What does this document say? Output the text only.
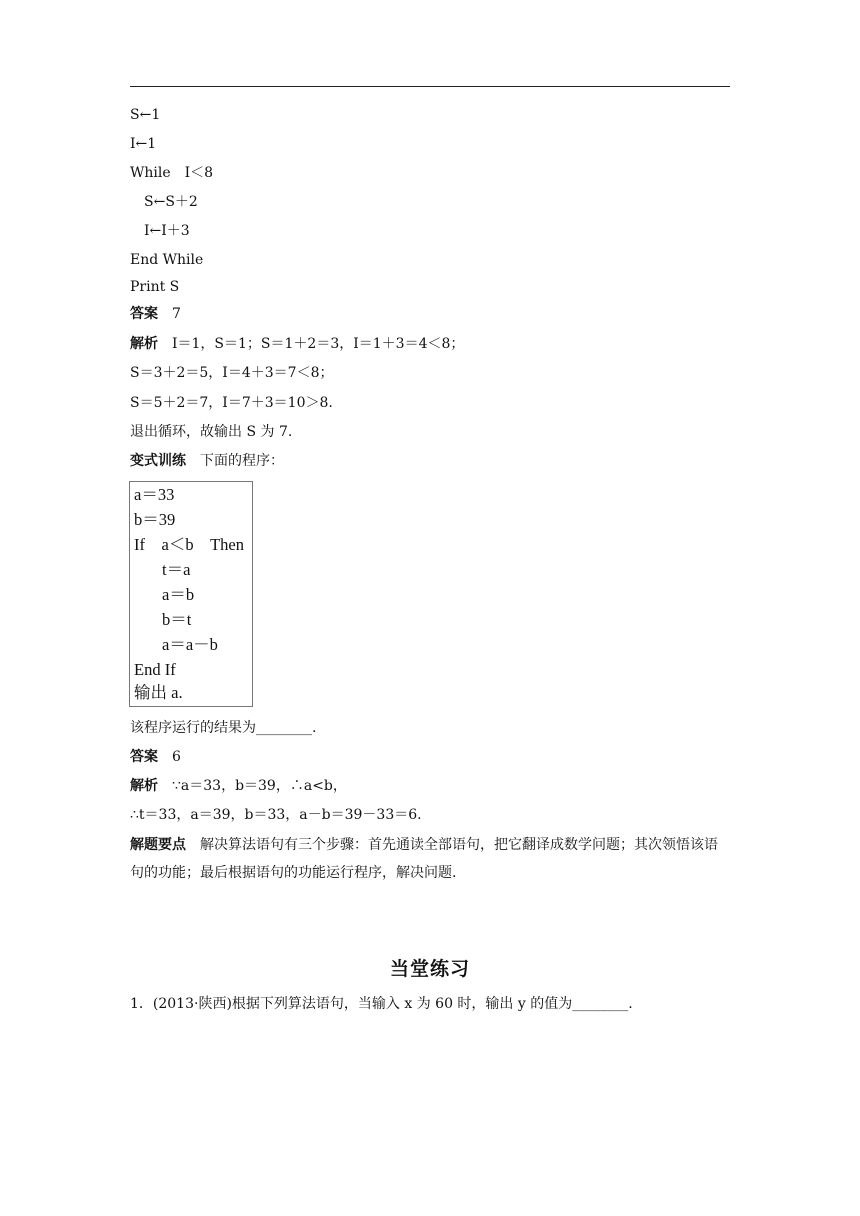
S←1
I←1
While　I＜8
S←S＋2
I←I＋3
End While
Print S
答案 7
解析 I＝1，S＝1；S＝1＋2＝3，I＝1＋3＝4＜8；
S＝3＋2＝5，I＝4＋3＝7＜8；
S＝5＋2＝7，I＝7＋3＝10＞8.
退出循环，故输出 S 为 7.
变式训练 下面的程序：
a＝33
b＝39
If　a＜b　Then
t＝a
a＝b
b＝t
a＝a－b
End If
输出 a.
该程序运行的结果为________.
答案 6
解析 ∵a＝33，b＝39，∴a<b，
∴t＝33，a＝39，b＝33，a－b＝39－33＝6.
解题要点 解决算法语句有三个步骤：首先通读全部语句，把它翻译成数学问题；其次领悟该语句的功能；最后根据语句的功能运行程序，解决问题.
当堂练习
1．(2013·陕西)根据下列算法语句，当输入 x 为 60 时，输出 y 的值为________.
